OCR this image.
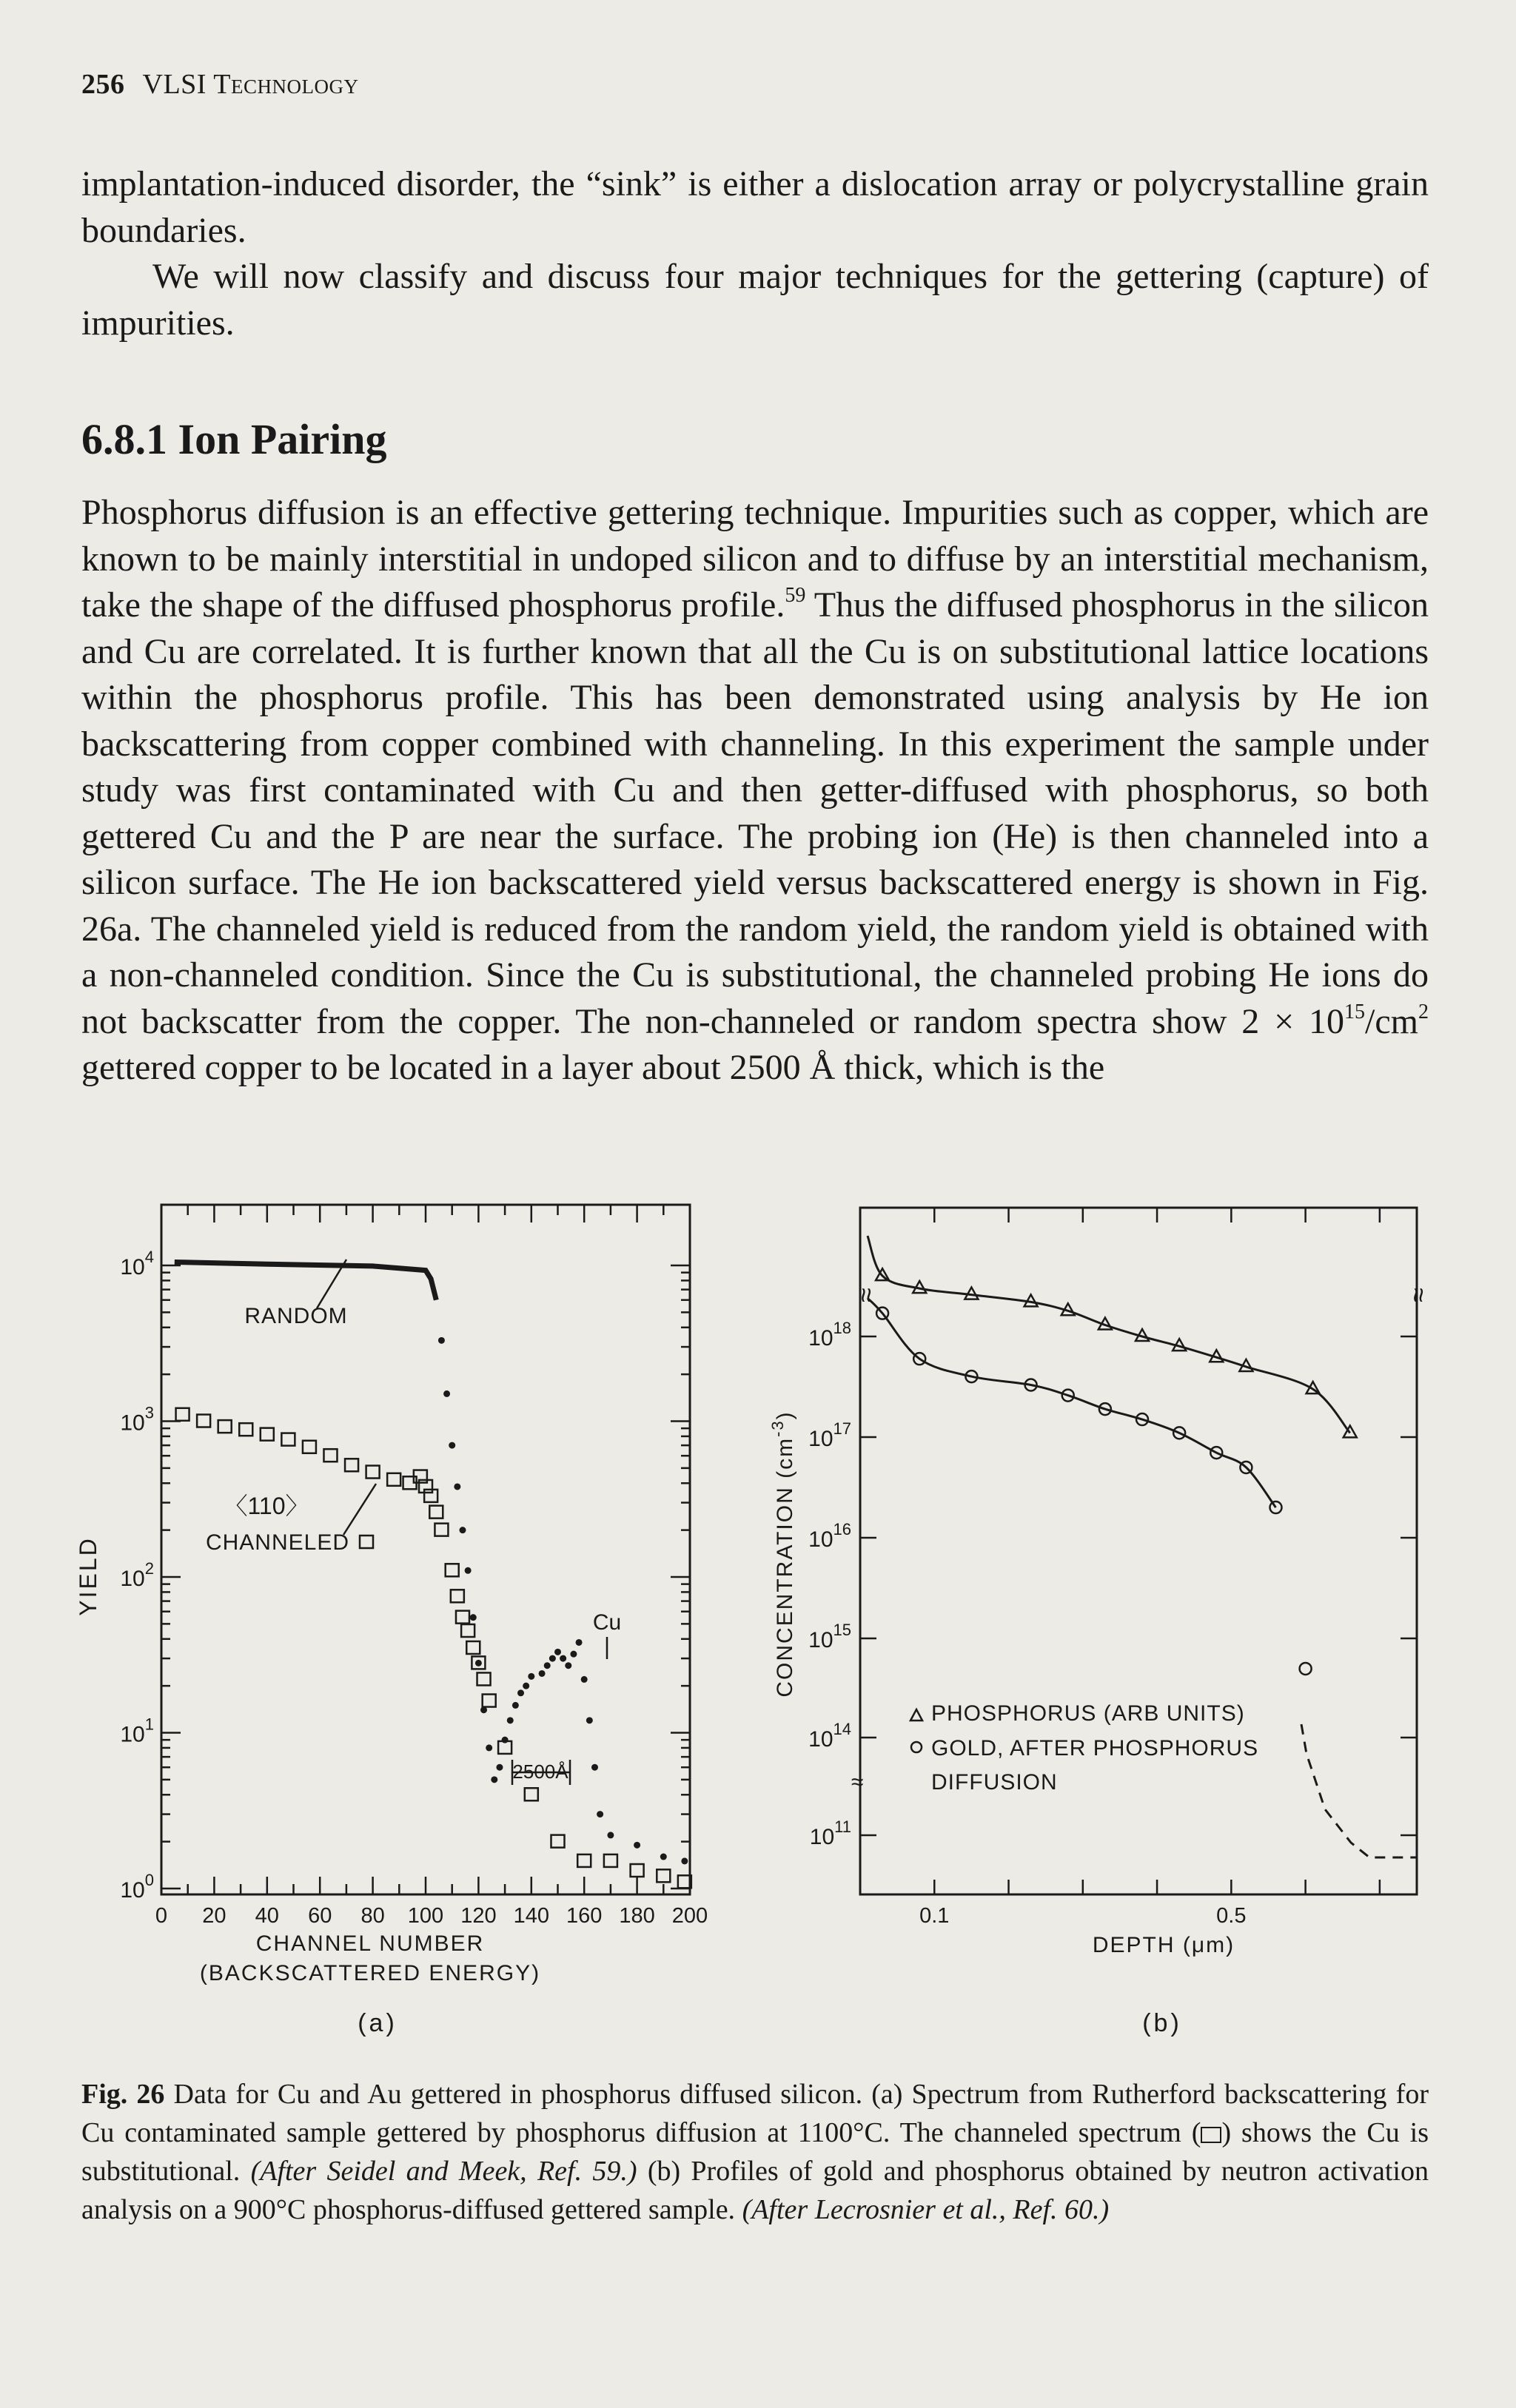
256 VLSI Technology

implantation-induced disorder, the “sink” is either a dislocation array or polycrystalline grain boundaries.

We will now classify and discuss four major techniques for the gettering (capture) of impurities.

6.8.1 Ion Pairing
Phosphorus diffusion is an effective gettering technique. Impurities such as copper, which are known to be mainly interstitial in undoped silicon and to diffuse by an interstitial mechanism, take the shape of the diffused phosphorus profile.$^{59}$ Thus the diffused phosphorus in the silicon and Cu are correlated. It is further known that all the Cu is on substitutional lattice locations within the phosphorus profile. This has been demonstrated using analysis by He ion backscattering from copper combined with channeling. In this experiment the sample under study was first contaminated with Cu and then getter-diffused with phosphorus, so both gettered Cu and the P are near the surface. The probing ion (He) is then channeled into a silicon surface. The He ion backscattered yield versus backscattered energy is shown in Fig. 26a. The channeled yield is reduced from the random yield, the random yield is obtained with a non-channeled condition. Since the Cu is substitutional, the channeled probing He ions do not backscatter from the copper. The non-channeled or random spectra show $2 \times 10^{15}/cm^2$ gettered copper to be located in a layer about 2500 Å thick, which is the
0 20 40 60 80 100 120 140 160 180 200
$10^4$
$10^3$
$10^2$
$10^1$
$10^0$
YIELD
CHANNEL NUMBER
(BACKSCATTERED ENERGY)
(a)
RANDOM
〈110〉
CHANNELED
Cu
2500Å
0.1	0.5
$10^{18}$
$10^{17}$
$10^{16}$
$10^{15}$
$10^{14}$
$10^{11}$
CONCENTRATION $(cm^{-3})$
DEPTH (μm)
(b)
≈	≈
≈
PHOSPHORUS (ARB UNITS)
GOLD, AFTER PHOSPHORUS
DIFFUSION
Fig. 26 Data for Cu and Au gettered in phosphorus diffused silicon. (a) Spectrum from Rutherford backscattering for Cu contaminated sample gettered by phosphorus diffusion at 1100°C. The channeled spectrum ( ) shows the Cu is substitutional. (After Seidel and Meek, Ref. 59.) (b) Profiles of gold and phosphorus obtained by neutron activation analysis on a 900°C phosphorus-diffused gettered sample. (After Lecrosnier et al., Ref. 60.)
